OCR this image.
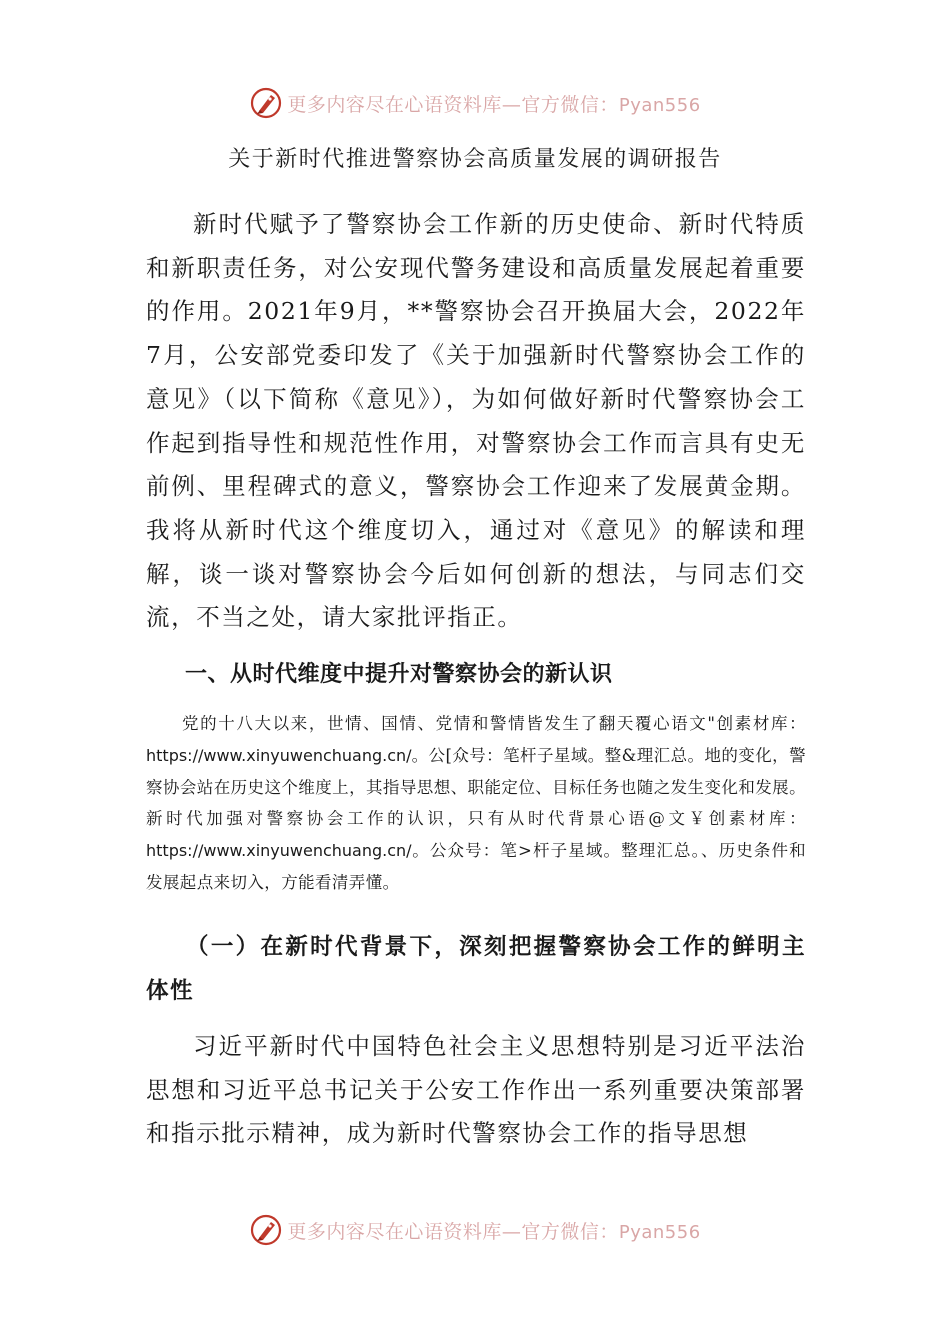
更多内容尽在心语资料库—官方微信：Pyan556
关于新时代推进警察协会高质量发展的调研报告

新时代赋予了警察协会工作新的历史使命、新时代特质和新职责任务，对公安现代警务建设和高质量发展起着重要的作用。2021年9月，**警察协会召开换届大会，2022年7月，公安部党委印发了《关于加强新时代警察协会工作的意见》（以下简称《意见》），为如何做好新时代警察协会工作起到指导性和规范性作用，对警察协会工作而言具有史无前例、里程碑式的意义，警察协会工作迎来了发展黄金期。我将从新时代这个维度切入，通过对《意见》的解读和理解，谈一谈对警察协会今后如何创新的想法，与同志们交流，不当之处，请大家批评指正。

一、从时代维度中提升对警察协会的新认识

党的十八大以来，世情、国情、党情和警情皆发生了翻天覆心语文"创素材库：https://www.xinyuwenchuang.cn/。公[众号：笔杆子星域。整&理汇总。地的变化，警察协会站在历史这个维度上，其指导思想、职能定位、目标任务也随之发生变化和发展。新时代加强对警察协会工作的认识，只有从时代背景心语@文￥创素材库：https://www.xinyuwenchuang.cn/。公众号：笔>杆子星域。整理汇总。、历史条件和发展起点来切入，方能看清弄懂。

（一）在新时代背景下，深刻把握警察协会工作的鲜明主体性

习近平新时代中国特色社会主义思想特别是习近平法治思想和习近平总书记关于公安工作作出一系列重要决策部署和指示批示精神，成为新时代警察协会工作的指导思想

更多内容尽在心语资料库—官方微信：Pyan556
